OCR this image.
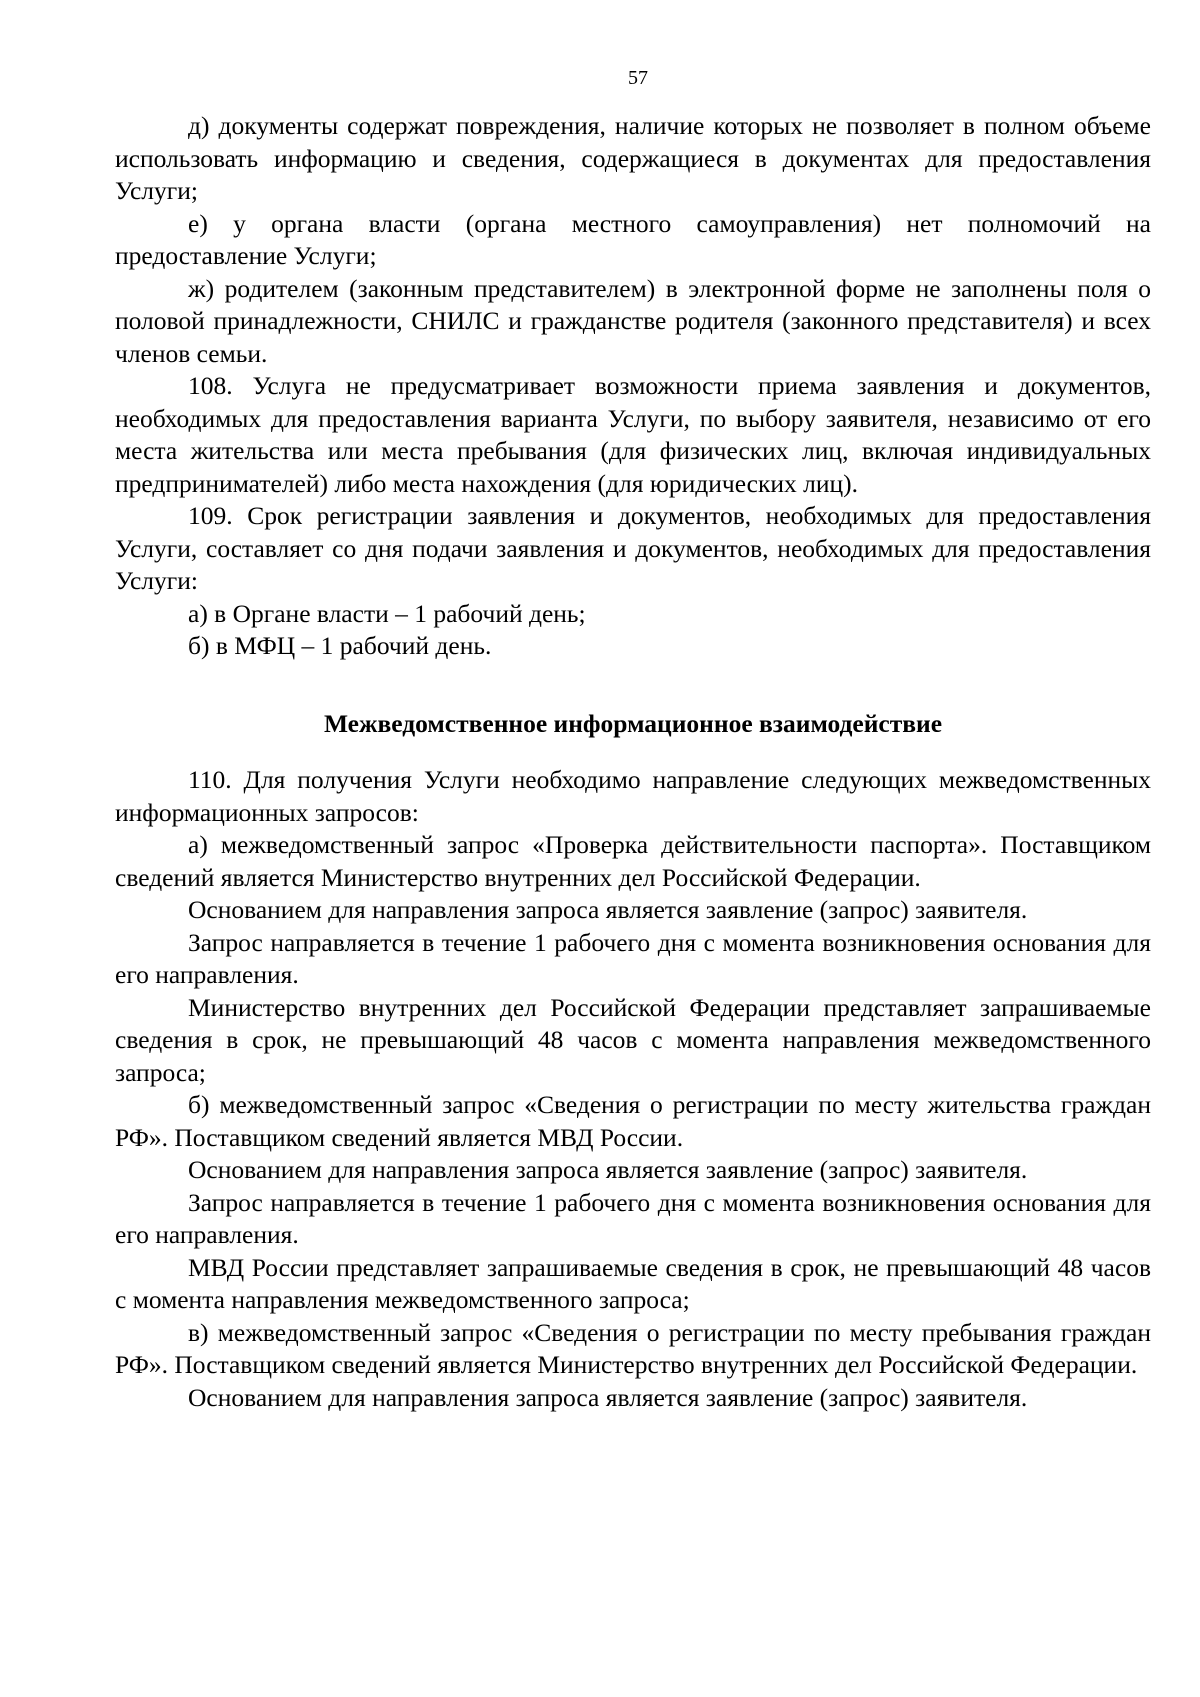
57

д) документы содержат повреждения, наличие которых не позволяет в полном объеме использовать информацию и сведения, содержащиеся в документах для предоставления Услуги;

е) у органа власти (органа местного самоуправления) нет полномочий на предоставление Услуги;

ж) родителем (законным представителем) в электронной форме не заполнены поля о половой принадлежности, СНИЛС и гражданстве родителя (законного представителя) и всех членов семьи.

108. Услуга не предусматривает возможности приема заявления и документов, необходимых для предоставления варианта Услуги, по выбору заявителя, независимо от его места жительства или места пребывания (для физических лиц, включая индивидуальных предпринимателей) либо места нахождения (для юридических лиц).

109. Срок регистрации заявления и документов, необходимых для предоставления Услуги, составляет со дня подачи заявления и документов, необходимых для предоставления Услуги:

а) в Органе власти – 1 рабочий день;

б) в МФЦ – 1 рабочий день.

Межведомственное информационное взаимодействие

110. Для получения Услуги необходимо направление следующих межведомственных информационных запросов:

а) межведомственный запрос «Проверка действительности паспорта». Поставщиком сведений является Министерство внутренних дел Российской Федерации.

Основанием для направления запроса является заявление (запрос) заявителя.

Запрос направляется в течение 1 рабочего дня с момента возникновения основания для его направления.

Министерство внутренних дел Российской Федерации представляет запрашиваемые сведения в срок, не превышающий 48 часов с момента направления межведомственного запроса;

б) межведомственный запрос «Сведения о регистрации по месту жительства граждан РФ». Поставщиком сведений является МВД России.

Основанием для направления запроса является заявление (запрос) заявителя.

Запрос направляется в течение 1 рабочего дня с момента возникновения основания для его направления.

МВД России представляет запрашиваемые сведения в срок, не превышающий 48 часов с момента направления межведомственного запроса;

в) межведомственный запрос «Сведения о регистрации по месту пребывания граждан РФ». Поставщиком сведений является Министерство внутренних дел Российской Федерации.

Основанием для направления запроса является заявление (запрос) заявителя.
